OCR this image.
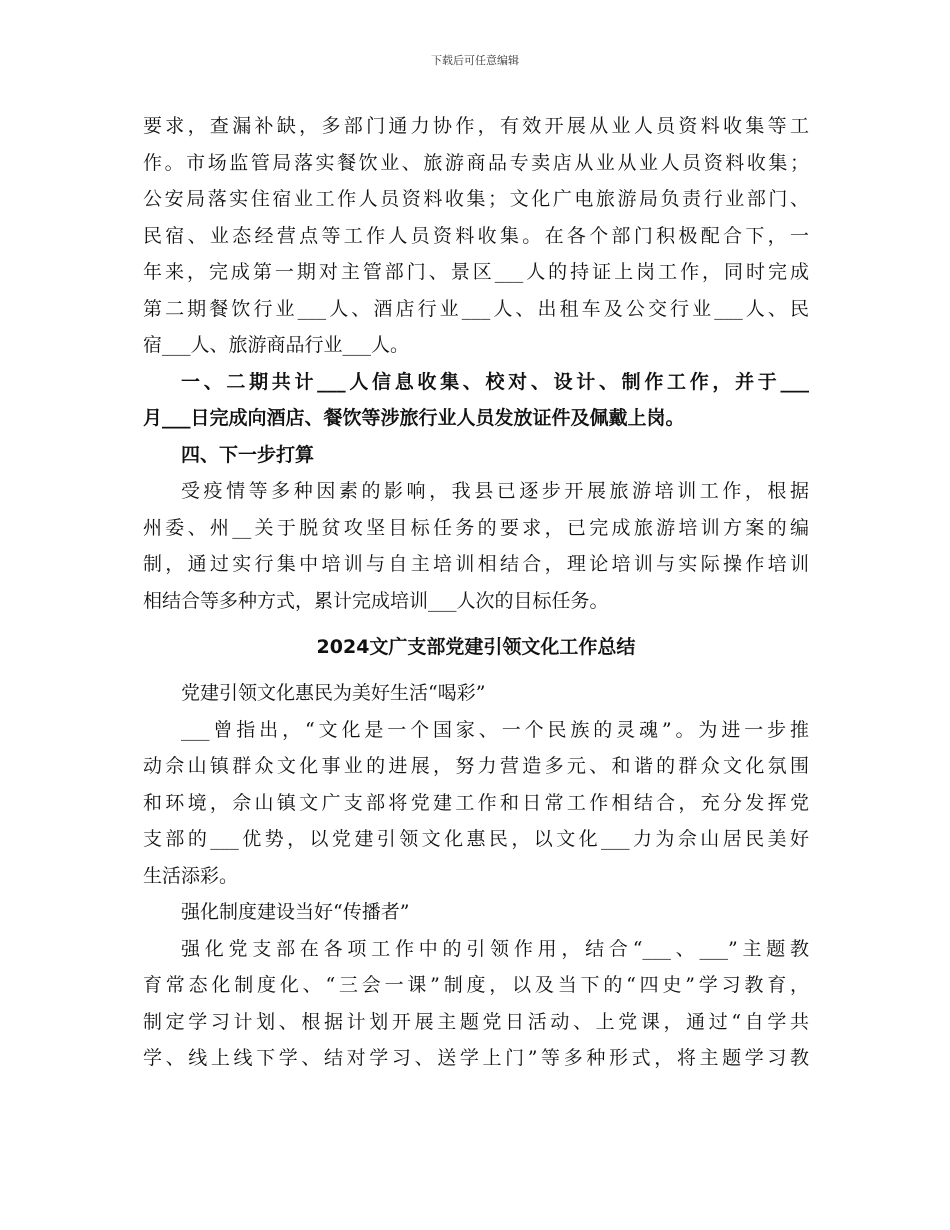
下载后可任意编辑
要求，查漏补缺，多部门通力协作，有效开展从业人员资料收集等工
作。市场监管局落实餐饮业、旅游商品专卖店从业从业人员资料收集；
公安局落实住宿业工作人员资料收集；文化广电旅游局负责行业部门、
民宿、业态经营点等工作人员资料收集。在各个部门积极配合下，一
年来，完成第一期对主管部门、景区___人的持证上岗工作，同时完成
第二期餐饮行业___人、酒店行业___人、出租车及公交行业___人、民
宿___人、旅游商品行业___人。
一、二期共计___人信息收集、校对、设计、制作工作，并于___
月___日完成向酒店、餐饮等涉旅行业人员发放证件及佩戴上岗。
四、下一步打算
受疫情等多种因素的影响，我县已逐步开展旅游培训工作，根据
州委、州__关于脱贫攻坚目标任务的要求，已完成旅游培训方案的编
制，通过实行集中培训与自主培训相结合，理论培训与实际操作培训
相结合等多种方式，累计完成培训___人次的目标任务。
2024文广支部党建引领文化工作总结
党建引领文化惠民为美好生活“喝彩”
___曾指出，“文化是一个国家、一个民族的灵魂”。为进一步推
动佘山镇群众文化事业的进展，努力营造多元、和谐的群众文化氛围
和环境，佘山镇文广支部将党建工作和日常工作相结合，充分发挥党
支部的___优势，以党建引领文化惠民，以文化___力为佘山居民美好
生活添彩。
强化制度建设当好“传播者”
强化党支部在各项工作中的引领作用，结合“___、___”主题教
育常态化制度化、“三会一课”制度，以及当下的“四史”学习教育，
制定学习计划、根据计划开展主题党日活动、上党课，通过“自学共
学、线上线下学、结对学习、送学上门”等多种形式，将主题学习教
